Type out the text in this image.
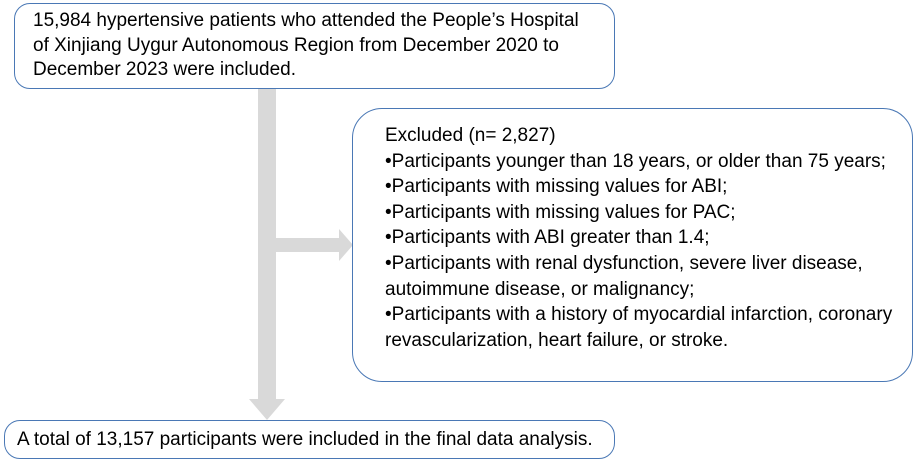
15,984 hypertensive patients who attended the People’s Hospital
of Xinjiang Uygur Autonomous Region from December 2020 to
December 2023 were included.
Excluded (n= 2,827)
•Participants younger than 18 years, or older than 75 years;
•Participants with missing values for ABI;
•Participants with missing values for PAC;
•Participants with ABI greater than 1.4;
•Participants with renal dysfunction, severe liver disease,
autoimmune disease, or malignancy;
•Participants with a history of myocardial infarction, coronary
revascularization, heart failure, or stroke.
A total of 13,157 participants were included in the final data analysis.
